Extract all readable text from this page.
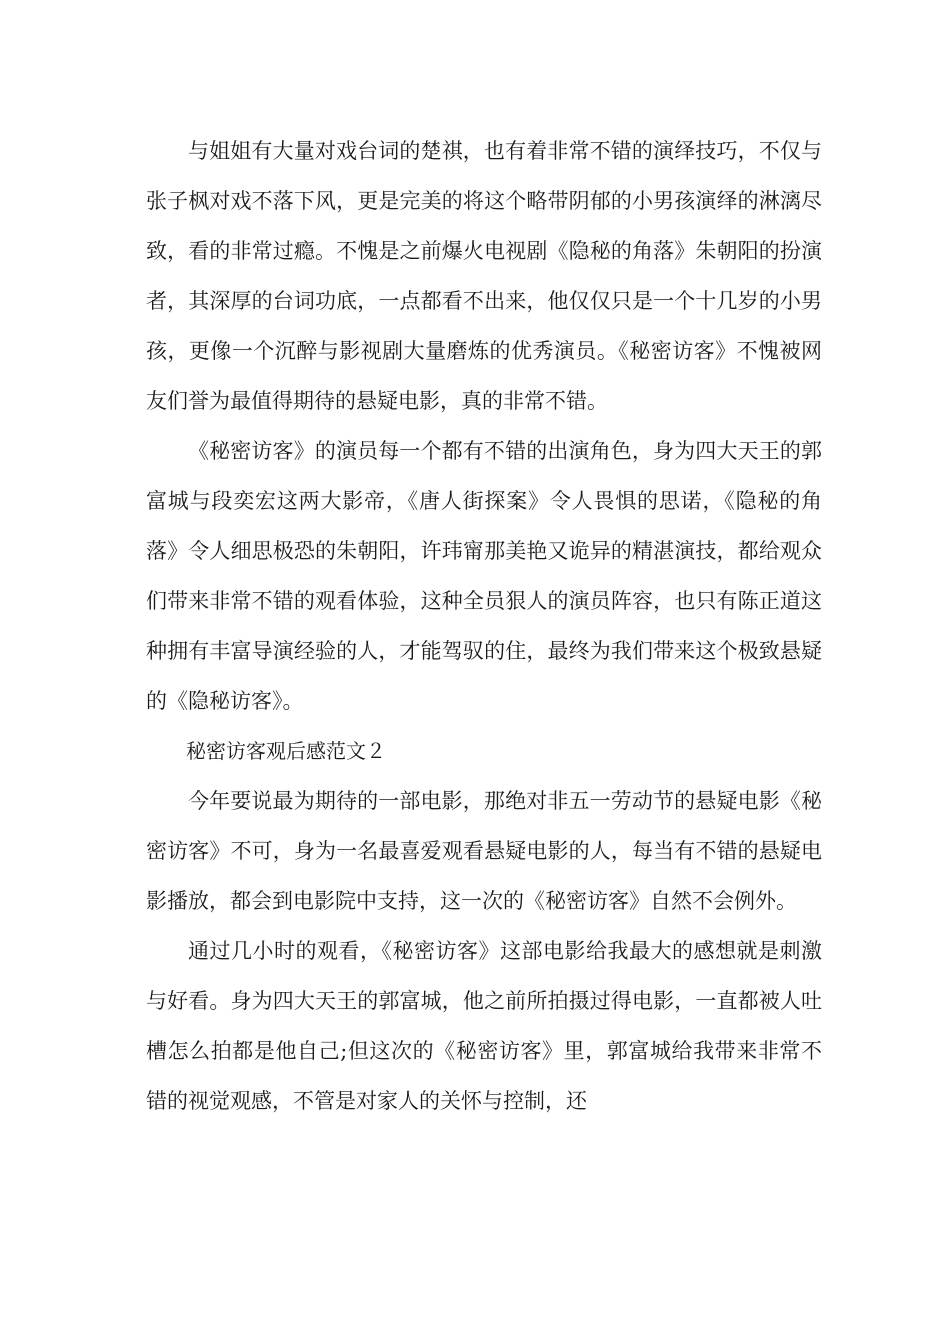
与姐姐有大量对戏台词的楚祺，也有着非常不错的演绎技巧，不仅与张子枫对戏不落下风，更是完美的将这个略带阴郁的小男孩演绎的淋漓尽致，看的非常过瘾。不愧是之前爆火电视剧《隐秘的角落》朱朝阳的扮演者，其深厚的台词功底，一点都看不出来，他仅仅只是一个十几岁的小男孩，更像一个沉醉与影视剧大量磨炼的优秀演员。《秘密访客》不愧被网友们誉为最值得期待的悬疑电影，真的非常不错。

《秘密访客》的演员每一个都有不错的出演角色，身为四大天王的郭富城与段奕宏这两大影帝，《唐人街探案》令人畏惧的思诺，《隐秘的角落》令人细思极恐的朱朝阳，许玮甯那美艳又诡异的精湛演技，都给观众们带来非常不错的观看体验，这种全员狠人的演员阵容，也只有陈正道这种拥有丰富导演经验的人，才能驾驭的住，最终为我们带来这个极致悬疑的《隐秘访客》。

秘密访客观后感范文２

今年要说最为期待的一部电影，那绝对非五一劳动节的悬疑电影《秘密访客》不可，身为一名最喜爱观看悬疑电影的人，每当有不错的悬疑电影播放，都会到电影院中支持，这一次的《秘密访客》自然不会例外。

通过几小时的观看，《秘密访客》这部电影给我最大的感想就是刺激与好看。身为四大天王的郭富城，他之前所拍摄过得电影，一直都被人吐槽怎么拍都是他自己;但这次的《秘密访客》里，郭富城给我带来非常不错的视觉观感，不管是对家人的关怀与控制，还
